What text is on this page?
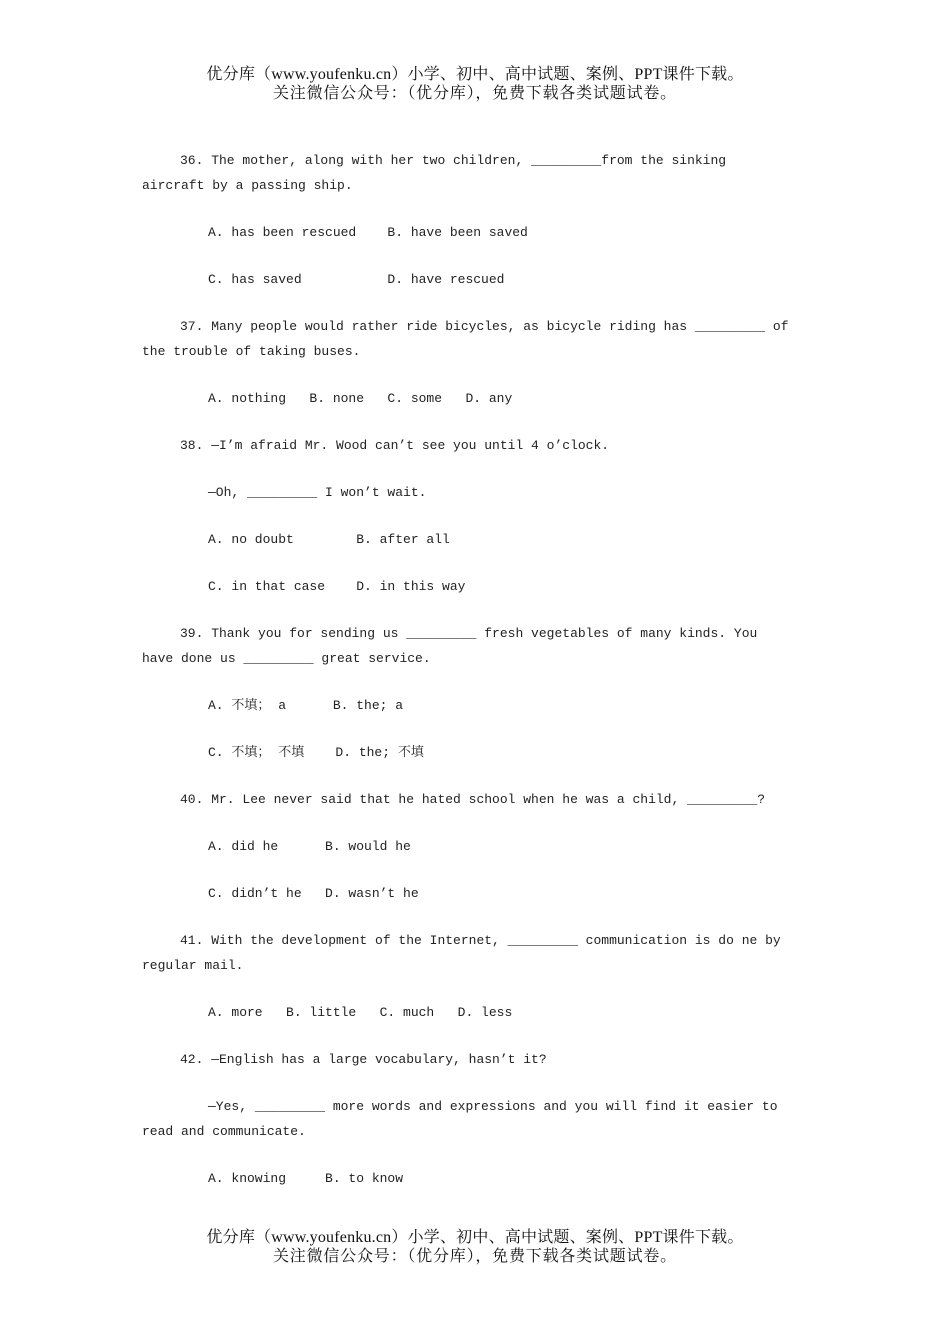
优分库（www.youfenku.cn）小学、初中、高中试题、案例、PPT课件下载。
关注微信公众号：（优分库），免费下载各类试题试卷。
36. The mother, along with her two children, _________from the sinking aircraft by a passing ship.
A. has been rescued    B. have been saved
C. has saved           D. have rescued
37. Many people would rather ride bicycles, as bicycle riding has _________ of the trouble of taking buses.
A. nothing   B. none   C. some   D. any
38. —I’m afraid Mr. Wood can’t see you until 4 o’clock.
—Oh, _________ I won’t wait.
A. no doubt        B. after all
C. in that case    D. in this way
39. Thank you for sending us _________ fresh vegetables of many kinds. You have done us _________ great service.
A. 不填； a      B. the; a
C. 不填； 不填    D. the; 不填
40. Mr. Lee never said that he hated school when he was a child, _________?
A. did he      B. would he
C. didn’t he   D. wasn’t he
41. With the development of the Internet, _________ communication is do ne by regular mail.
A. more   B. little   C. much   D. less
42. —English has a large vocabulary, hasn’t it?
—Yes, _________ more words and expressions and you will find it easier to read and communicate.
A. knowing     B. to know
优分库（www.youfenku.cn）小学、初中、高中试题、案例、PPT课件下载。
关注微信公众号：（优分库），免费下载各类试题试卷。
